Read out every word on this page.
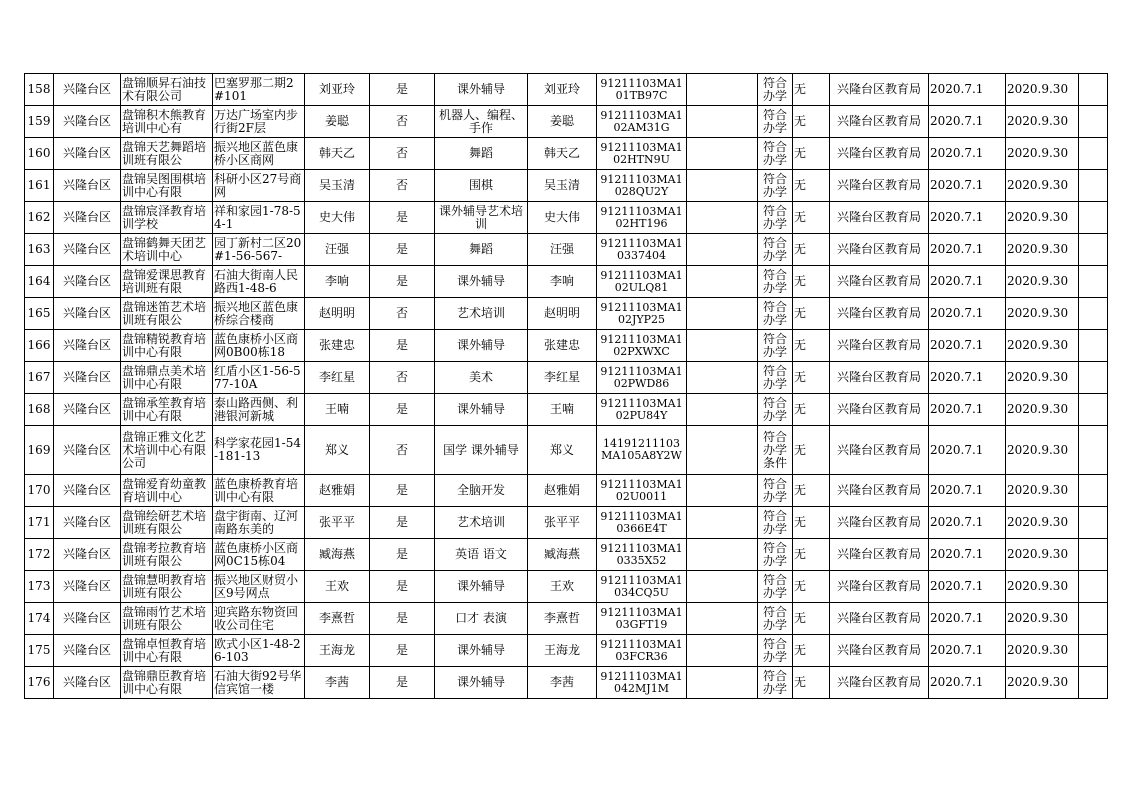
158	兴隆台区	盘锦顺昇石油技术有限公司	巴塞罗那二期2#101	刘亚玲	是	课外辅导	刘亚玲	91211103MA101TB97C		符合办学	无	兴隆台区教育局	2020.7.1	2020.9.30	
159	兴隆台区	盘锦积木熊教育培训中心有	万达广场室内步行街2F层	姜聪	否	机器人、编程、手作	姜聪	91211103MA102AM31G		符合办学	无	兴隆台区教育局	2020.7.1	2020.9.30	
160	兴隆台区	盘锦天艺舞蹈培训班有限公	振兴地区蓝色康桥小区商网	韩天乙	否	舞蹈	韩天乙	91211103MA102HTN9U		符合办学	无	兴隆台区教育局	2020.7.1	2020.9.30	
161	兴隆台区	盘锦吴图围棋培训中心有限	科研小区27号商网	吴玉清	否	围棋	吴玉清	91211103MA1028QU2Y		符合办学	无	兴隆台区教育局	2020.7.1	2020.9.30	
162	兴隆台区	盘锦宸泽教育培训学校	祥和家园1-78-54-1	史大伟	是	课外辅导艺术培训	史大伟	91211103MA102HT196		符合办学	无	兴隆台区教育局	2020.7.1	2020.9.30	
163	兴隆台区	盘锦鹤舞天团艺术培训中心	园丁新村二区20#1-56-567-	汪强	是	舞蹈	汪强	91211103MA10337404		符合办学	无	兴隆台区教育局	2020.7.1	2020.9.30	
164	兴隆台区	盘锦爱课思教育培训班有限	石油大街南人民路西1-48-6	李响	是	课外辅导	李响	91211103MA102ULQ81		符合办学	无	兴隆台区教育局	2020.7.1	2020.9.30	
165	兴隆台区	盘锦迷笛艺术培训班有限公	振兴地区蓝色康桥综合楼商	赵明明	否	艺术培训	赵明明	91211103MA102JYP25		符合办学	无	兴隆台区教育局	2020.7.1	2020.9.30	
166	兴隆台区	盘锦精锐教育培训中心有限	蓝色康桥小区商网0B00栋18	张建忠	是	课外辅导	张建忠	91211103MA102PXWXC		符合办学	无	兴隆台区教育局	2020.7.1	2020.9.30	
167	兴隆台区	盘锦鼎点美术培训中心有限	红盾小区1-56-577-10A	李红星	否	美术	李红星	91211103MA102PWD86		符合办学	无	兴隆台区教育局	2020.7.1	2020.9.30	
168	兴隆台区	盘锦承笙教育培训中心有限	泰山路西侧、利港银河新城	王喃	是	课外辅导	王喃	91211103MA102PU84Y		符合办学	无	兴隆台区教育局	2020.7.1	2020.9.30	
169	兴隆台区	盘锦正雅文化艺术培训中心有限公司	科学家花园1-54-181-13	郑义	否	国学 课外辅导	郑义	14191211103MA105A8Y2W		符合办学条件	无	兴隆台区教育局	2020.7.1	2020.9.30	
170	兴隆台区	盘锦爱育幼童教育培训中心	蓝色康桥教育培训中心有限	赵雅娟	是	全脑开发	赵雅娟	91211103MA102U0011		符合办学	无	兴隆台区教育局	2020.7.1	2020.9.30	
171	兴隆台区	盘锦绘研艺术培训班有限公	盘宇街南、辽河南路东美的	张平平	是	艺术培训	张平平	91211103MA10366E4T		符合办学	无	兴隆台区教育局	2020.7.1	2020.9.30	
172	兴隆台区	盘锦考拉教育培训班有限公	蓝色康桥小区商网0C15栋04	臧海燕	是	英语 语文	臧海燕	91211103MA10335X52		符合办学	无	兴隆台区教育局	2020.7.1	2020.9.30	
173	兴隆台区	盘锦慧明教育培训班有限公	振兴地区财贸小区9号网点	王欢	是	课外辅导	王欢	91211103MA1034CQ5U		符合办学	无	兴隆台区教育局	2020.7.1	2020.9.30	
174	兴隆台区	盘锦雨竹艺术培训班有限公	迎宾路东物资回收公司住宅	李熹哲	是	口才 表演	李熹哲	91211103MA103GFT19		符合办学	无	兴隆台区教育局	2020.7.1	2020.9.30	
175	兴隆台区	盘锦卓恒教育培训中心有限	欧式小区1-48-26-103	王海龙	是	课外辅导	王海龙	91211103MA103FCR36		符合办学	无	兴隆台区教育局	2020.7.1	2020.9.30	
176	兴隆台区	盘锦鼎臣教育培训中心有限	石油大街92号华信宾馆一楼	李茜	是	课外辅导	李茜	91211103MA1042MJ1M		符合办学	无	兴隆台区教育局	2020.7.1	2020.9.30	
